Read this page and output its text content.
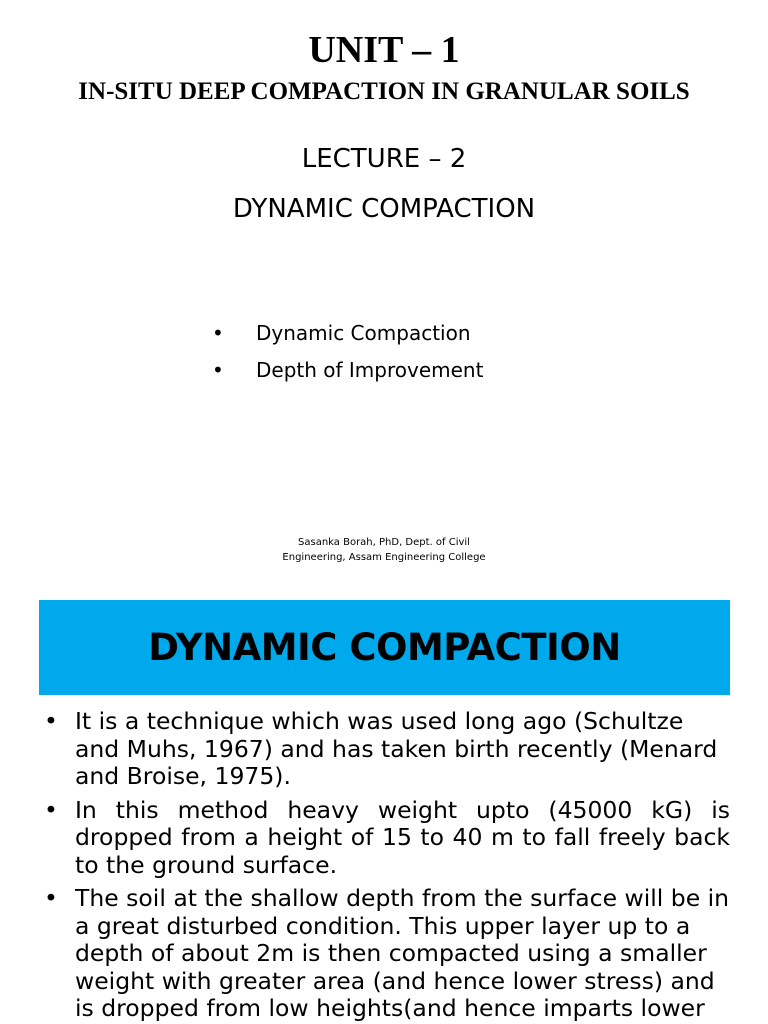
UNIT – 1
IN-SITU DEEP COMPACTION IN GRANULAR SOILS
LECTURE – 2
DYNAMIC COMPACTION
• Dynamic Compaction
• Depth of Improvement
Sasanka Borah, PhD, Dept. of Civil
Engineering, Assam Engineering College
DYNAMIC COMPACTION
• It is a technique which was used long ago (Schultze and Muhs, 1967) and has taken birth recently (Menard and Broise, 1975).
• In this method heavy weight upto (45000 kG) is dropped from a height of 15 to 40 m to fall freely back to the ground surface.
• The soil at the shallow depth from the surface will be in a great disturbed condition. This upper layer up to a depth of about 2m is then compacted using a smaller weight with greater area (and hence lower stress) and is dropped from low heights(and hence imparts lower
